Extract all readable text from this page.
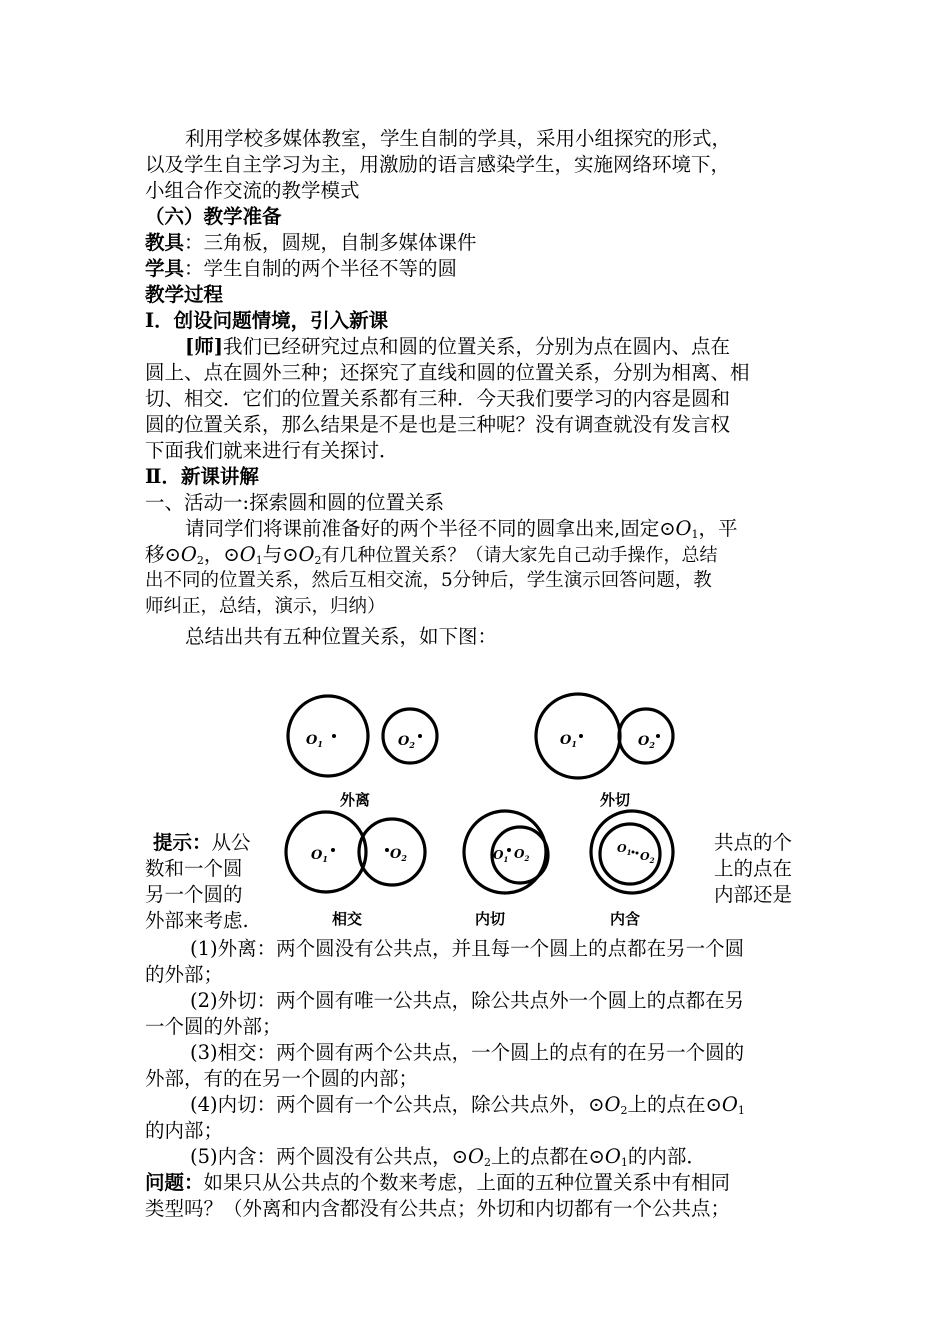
利用学校多媒体教室，学生自制的学具，采用小组探究的形式，
以及学生自主学习为主，用激励的语言感染学生，实施网络环境下，
小组合作交流的教学模式
（六）教学准备
教具：三角板，圆规，自制多媒体课件
学具：学生自制的两个半径不等的圆
教学过程
Ⅰ．创设问题情境，引入新课
[师]我们已经研究过点和圆的位置关系，分别为点在圆内、点在
圆上、点在圆外三种；还探究了直线和圆的位置关系，分别为相离、相
切、相交．它们的位置关系都有三种．今天我们要学习的内容是圆和
圆的位置关系，那么结果是不是也是三种呢？没有调查就没有发言权
下面我们就来进行有关探讨．
Ⅱ．新课讲解
一、活动一:探索圆和圆的位置关系
请同学们将课前准备好的两个半径不同的圆拿出来,固定$⊙O_1$，平
移$⊙O_2$，$⊙O_1$与$⊙O_2$有几种位置关系？（请大家先自己动手操作，总结
出不同的位置关系，然后互相交流，5分钟后，学生演示回答问题，教
师纠正，总结，演示，归纳）
总结出共有五种位置关系，如下图：
$O_1$	$O_2$	$O_1$	$O_2$
$O_1$	$O_2$	$O_1$ $O_2$
$O_1$ $O_2$
外离	外切
相交	内切	内含
提示：从公
数和一个圆
另一个圆的
外部来考虑.
共点的个
上的点在
内部还是
(1)外离：两个圆没有公共点，并且每一个圆上的点都在另一个圆
的外部；
(2)外切：两个圆有唯一公共点，除公共点外一个圆上的点都在另
一个圆的外部；
(3)相交：两个圆有两个公共点，一个圆上的点有的在另一个圆的
外部，有的在另一个圆的内部；
(4)内切：两个圆有一个公共点，除公共点外，$⊙O_2$上的点在$⊙O_1$
的内部；
(5)内含：两个圆没有公共点，$⊙O_2$上的点都在$⊙O_1$的内部．
问题：如果只从公共点的个数来考虑，上面的五种位置关系中有相同
类型吗？（外离和内含都没有公共点；外切和内切都有一个公共点；
